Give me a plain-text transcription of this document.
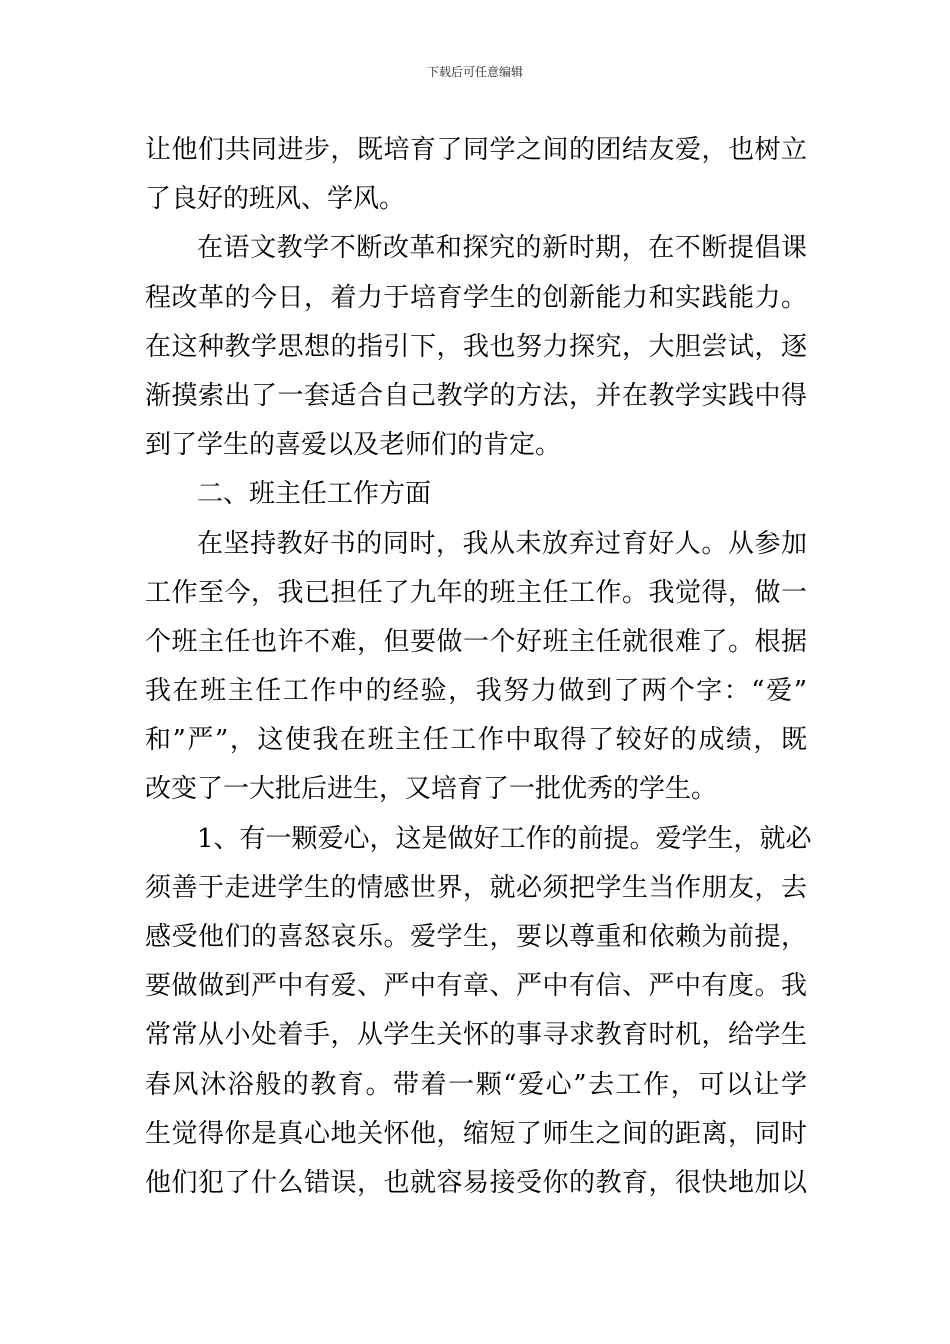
下载后可任意编辑
让他们共同进步，既培育了同学之间的团结友爱，也树立
了良好的班风、学风。
在语文教学不断改革和探究的新时期，在不断提倡课
程改革的今日，着力于培育学生的创新能力和实践能力。
在这种教学思想的指引下，我也努力探究，大胆尝试，逐
渐摸索出了一套适合自己教学的方法，并在教学实践中得
到了学生的喜爱以及老师们的肯定。
二、班主任工作方面
在坚持教好书的同时，我从未放弃过育好人。从参加
工作至今，我已担任了九年的班主任工作。我觉得，做一
个班主任也许不难，但要做一个好班主任就很难了。根据
我在班主任工作中的经验，我努力做到了两个字：“爱”
和”严”，这使我在班主任工作中取得了较好的成绩，既
改变了一大批后进生，又培育了一批优秀的学生。
1、有一颗爱心，这是做好工作的前提。爱学生，就必
须善于走进学生的情感世界，就必须把学生当作朋友，去
感受他们的喜怒哀乐。爱学生，要以尊重和依赖为前提，
要做做到严中有爱、严中有章、严中有信、严中有度。我
常常从小处着手，从学生关怀的事寻求教育时机，给学生
春风沐浴般的教育。带着一颗“爱心”去工作，可以让学
生觉得你是真心地关怀他，缩短了师生之间的距离，同时
他们犯了什么错误，也就容易接受你的教育，很快地加以
